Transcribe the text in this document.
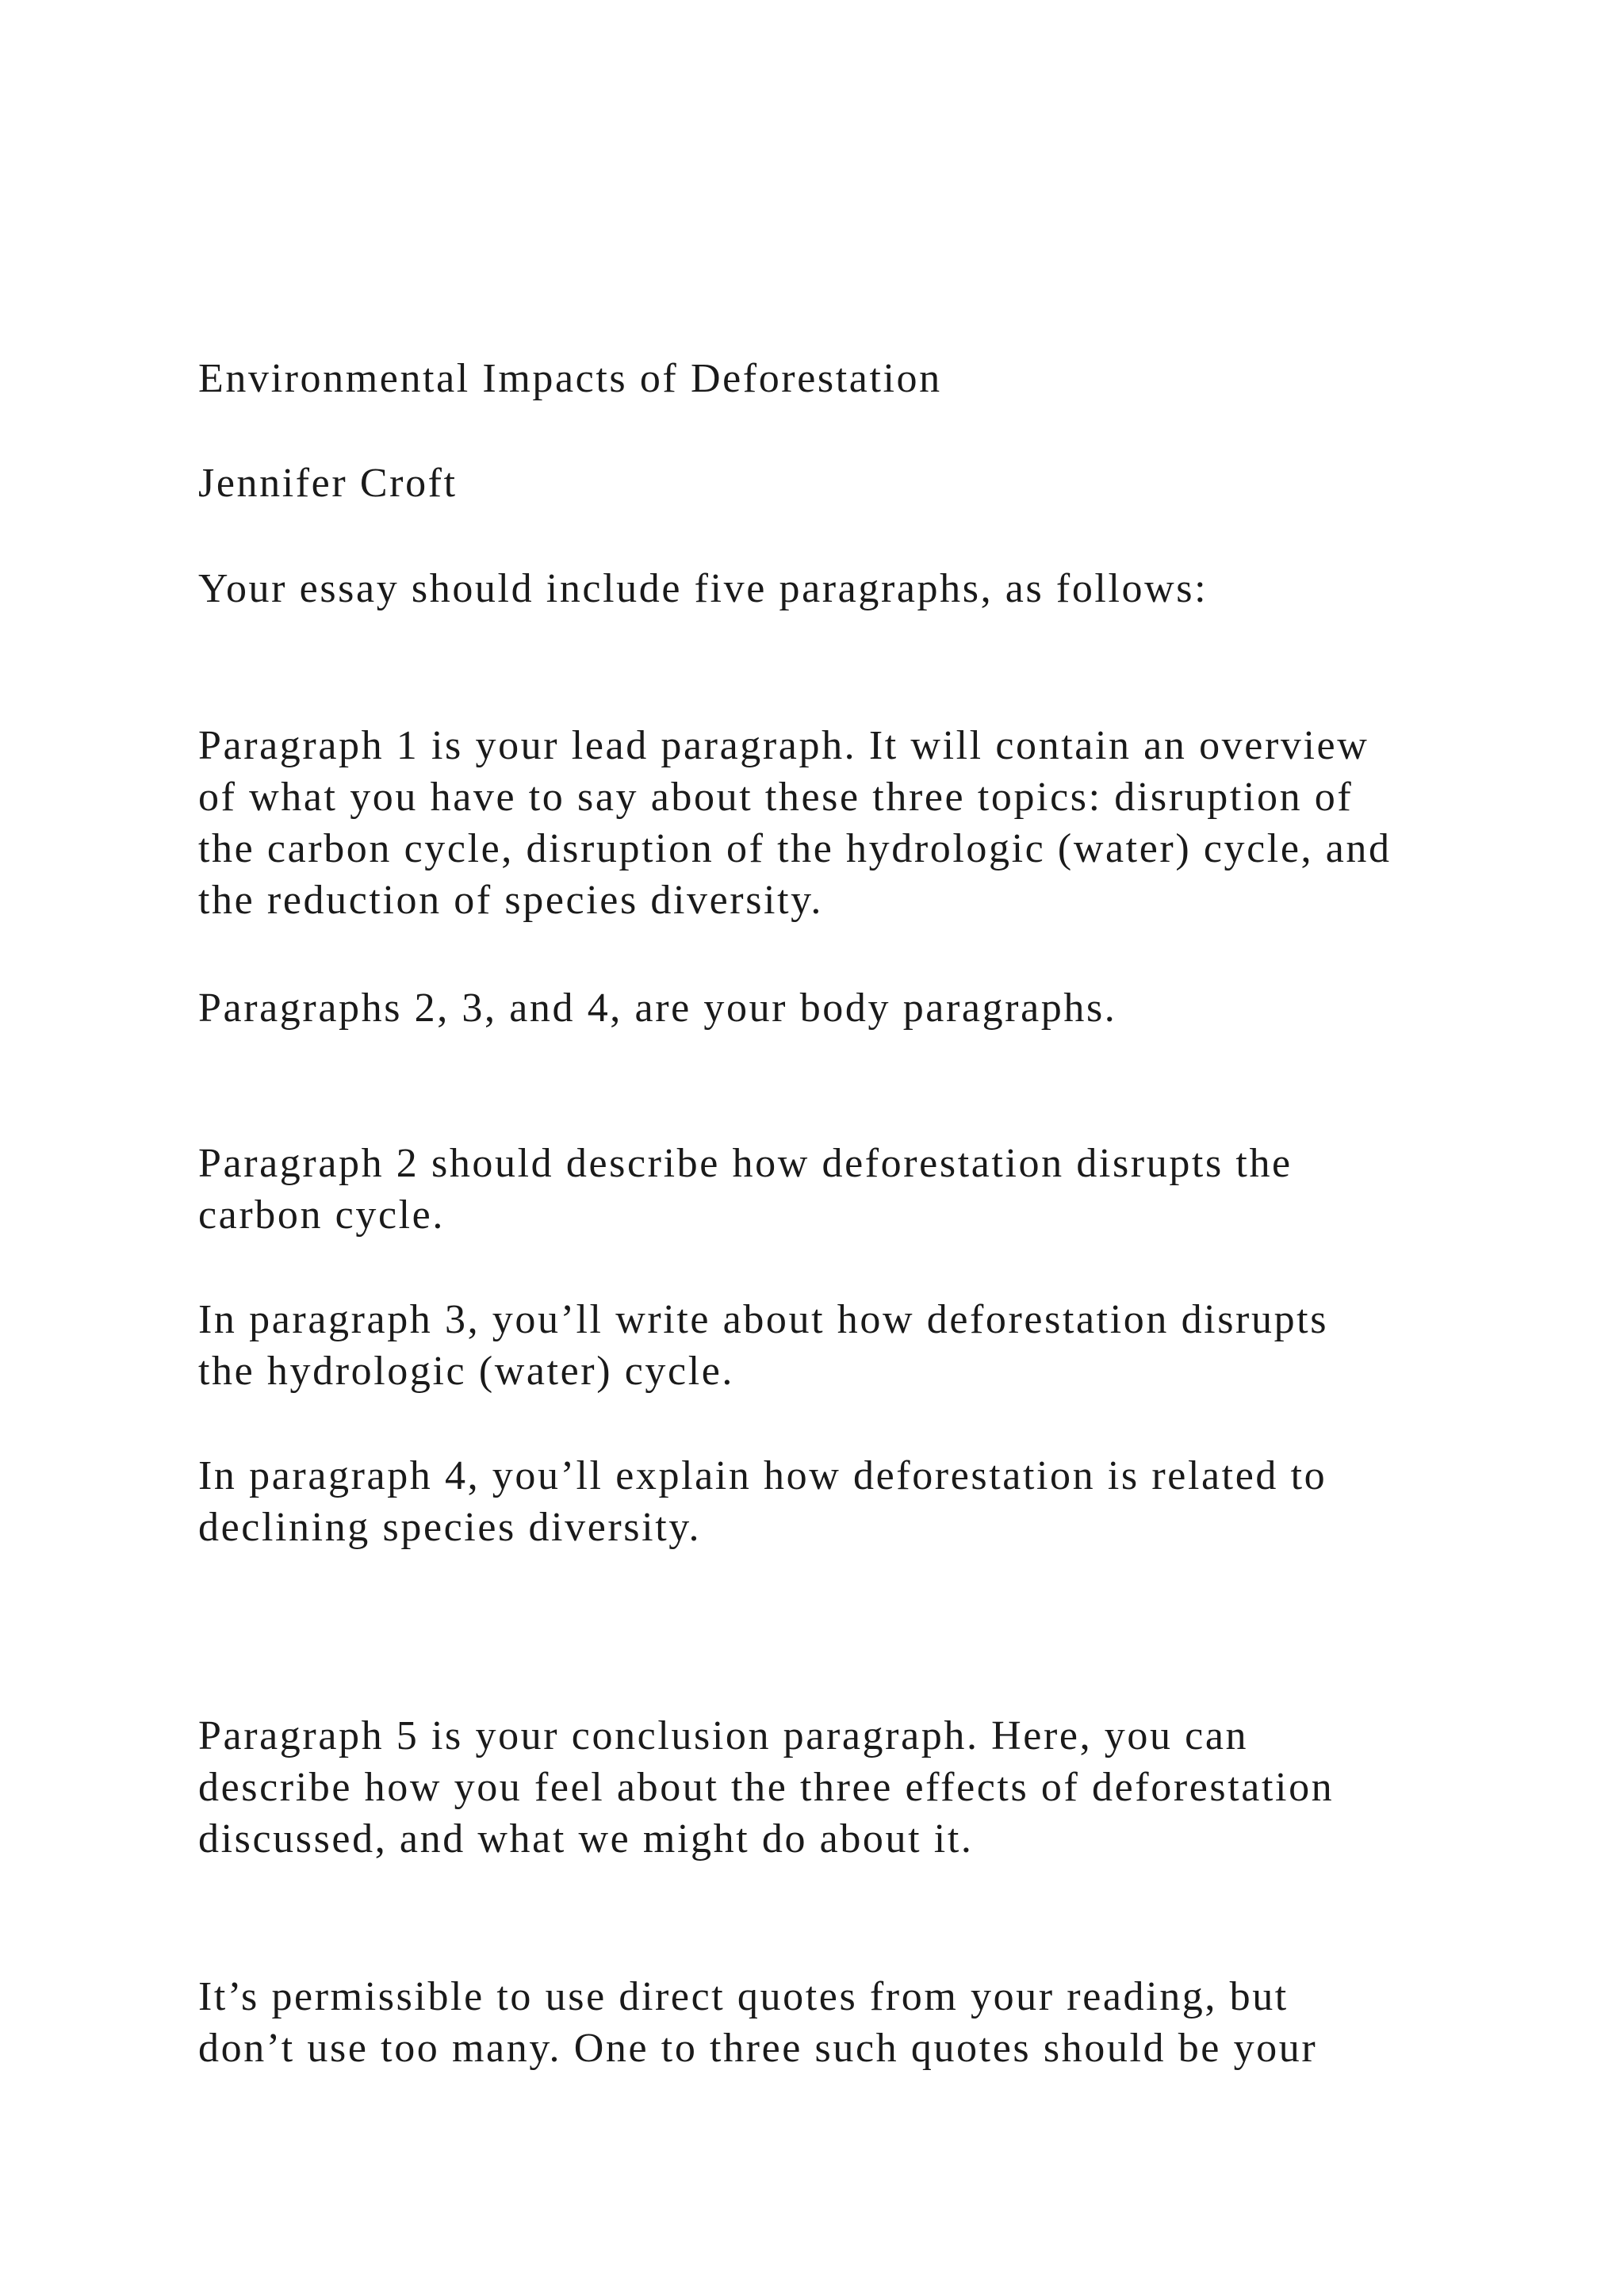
Environmental Impacts of Deforestation

Jennifer Croft

Your essay should include five paragraphs, as follows:

Paragraph 1 is your lead paragraph. It will contain an overview
of what you have to say about these three topics: disruption of
the carbon cycle, disruption of the hydrologic (water) cycle, and
the reduction of species diversity.

Paragraphs 2, 3, and 4, are your body paragraphs.

Paragraph 2 should describe how deforestation disrupts the
carbon cycle.

In paragraph 3, you’ll write about how deforestation disrupts
the hydrologic (water) cycle.

In paragraph 4, you’ll explain how deforestation is related to
declining species diversity.

Paragraph 5 is your conclusion paragraph. Here, you can
describe how you feel about the three effects of deforestation
discussed, and what we might do about it.

It’s permissible to use direct quotes from your reading, but
don’t use too many. One to three such quotes should be your
